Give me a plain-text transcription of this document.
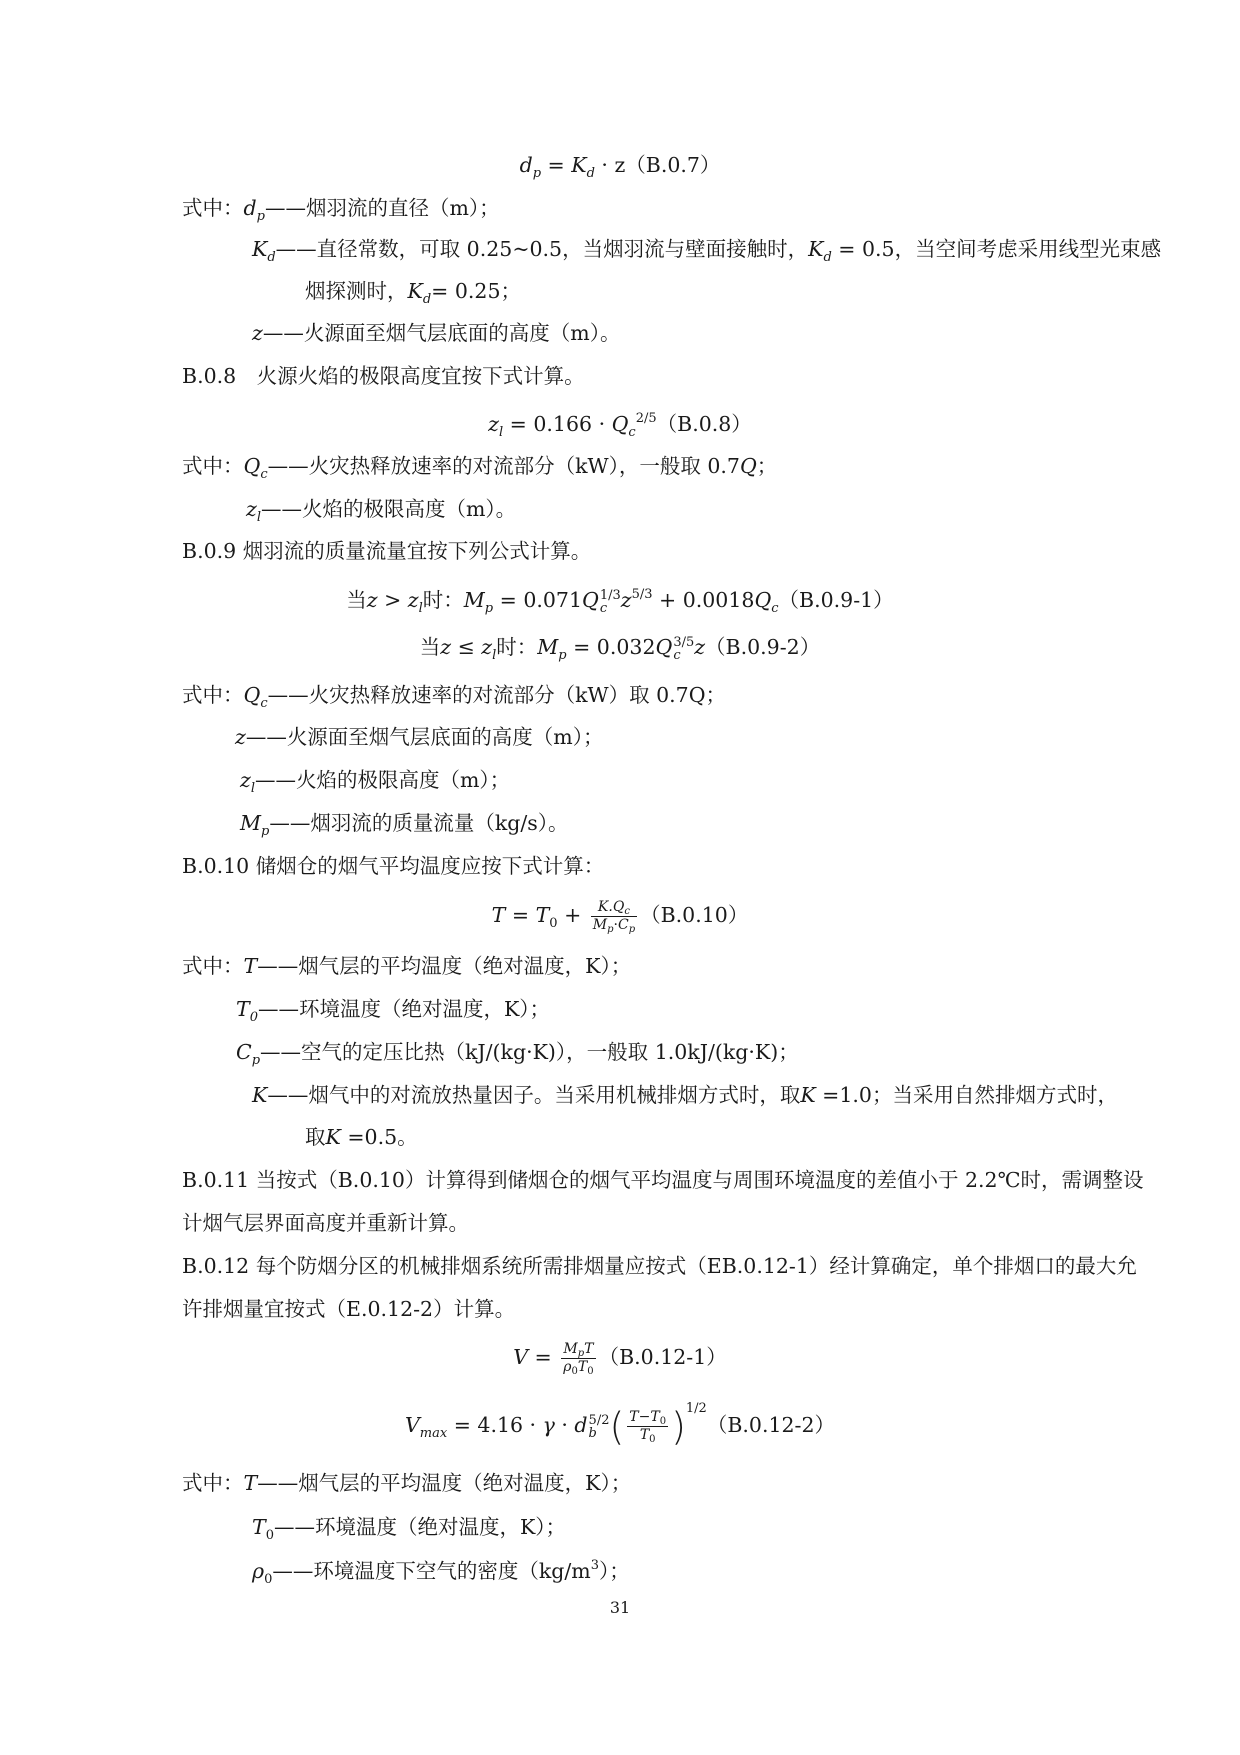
$d_p = K_d \cdot z(B.0.7)$
式中：$d_p——$烟羽流的直径（m）；
$K_d——$直径常数，可取 0.25~0.5，当烟羽流与壁面接触时，$K_d = 0.5$，当空间考虑采用线型光束感
烟探测时，$K_d= 0.25$；
z——火源面至烟气层底面的高度（m）。
B.0.8　火源火焰的极限高度宜按下式计算。
$z_l = 0.166 \cdot Q_c^{2/5}(B.0.8)$
式中：$Q_c——$火灾热释放速率的对流部分（kW），一般取 0.7Q；
$z_l——$火焰的极限高度（m）。
B.0.9 烟羽流的质量流量宜按下列公式计算。
当$z > z_l$时：$M_p = 0.071Q$ 1/3
c $z^{5/3} + 0.0018Q_c(B.0.9-1)$
当$z \le z_l$时：$M_p = 0.032Q$ 3/5
c z（B.0.9-2）
式中：$Q_c——$火灾热释放速率的对流部分（kW）取 0.7Q；
z——火源面至烟气层底面的高度（m）；
$z_l——$火焰的极限高度（m）；
$M_p——$烟羽流的质量流量（kg/s）。
B.0.10 储烟仓的烟气平均温度应按下式计算：
$T = T_0 + \frac{K.Q_c}{M_p\cdot C_p} (B.0.10)$
式中：T——烟气层的平均温度（绝对温度，K）；
$T_0——$环境温度（绝对温度，K）；
$C_p——$空气的定压比热（kJ/(kg·K)），一般取 1.0kJ/(kg·K)；
K——烟气中的对流放热量因子。当采用机械排烟方式时，取K =1.0；当采用自然排烟方式时，
取K =0.5。
B.0.11 当按式（B.0.10）计算得到储烟仓的烟气平均温度与周围环境温度的差值小于 2.2℃时，需调整设
计烟气层界面高度并重新计算。
B.0.12 每个防烟分区的机械排烟系统所需排烟量应按式（EB.0.12-1）经计算确定，单个排烟口的最大允
许排烟量宜按式（E.0.12-2）计算。
$V = \frac{M_pT}{\rho_0T_0} (B.0.12-1)$
$V_{max} = 4.16 \cdot \gamma \cdot d$ 5/2
b ( $\frac{T-T_0}{T_0} )^{1/2}(B.0.12-2)$
式中：T——烟气层的平均温度（绝对温度，K）；
$T_0——$环境温度（绝对温度，K）；
$\rho_0——$环境温度下空气的密度$(kg/m^3)$；
31
